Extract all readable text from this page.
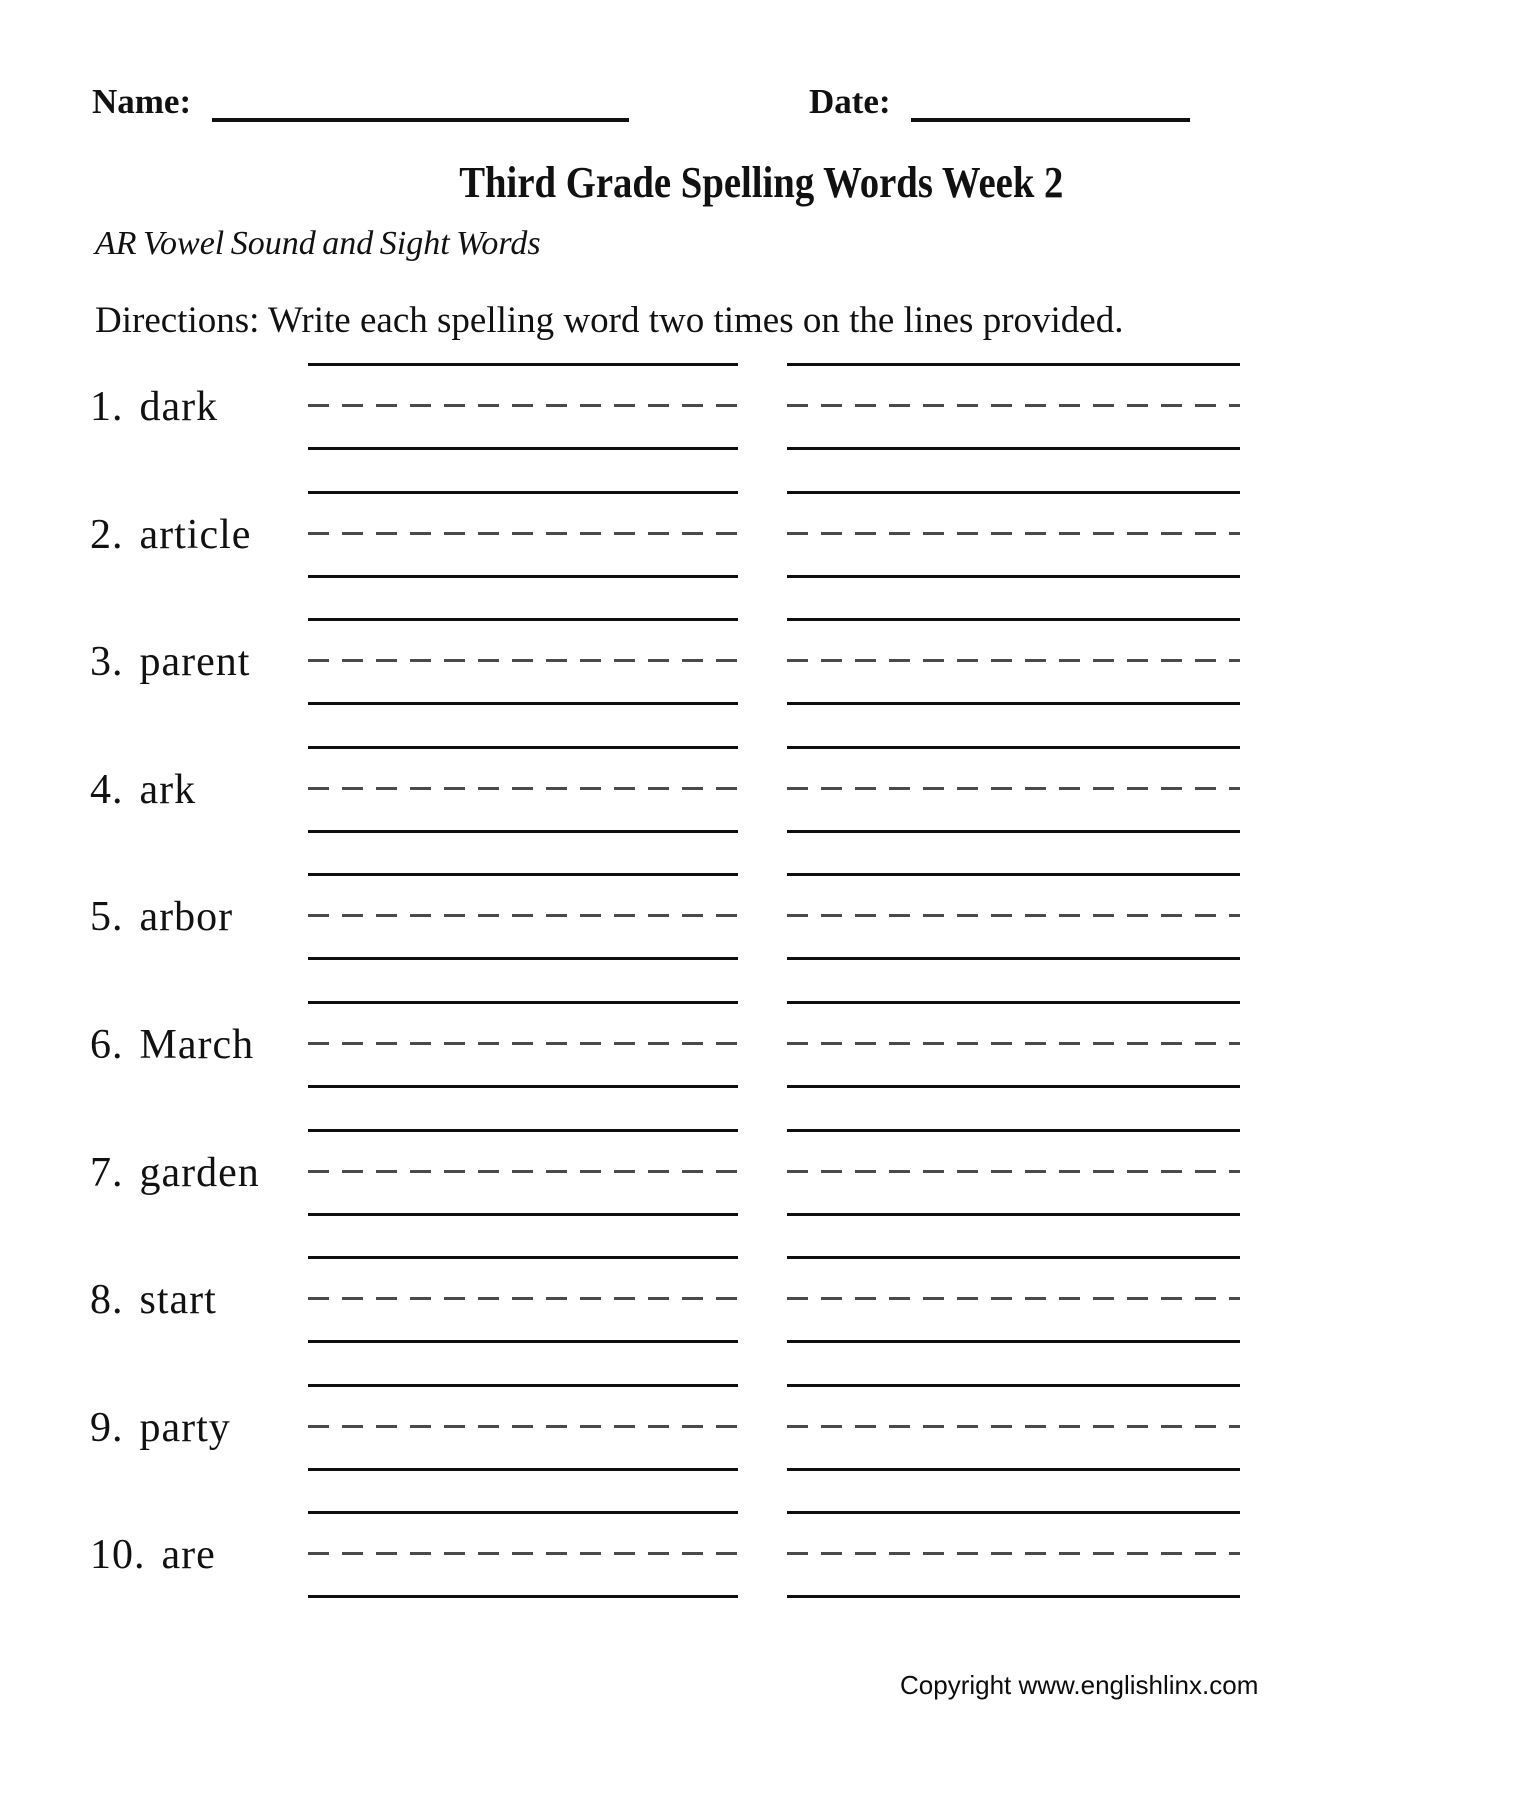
Name:	Date:
Third Grade Spelling Words Week 2
AR Vowel Sound and Sight Words
Directions: Write each spelling word two times on the lines provided.
1. dark
2. article
3. parent
4. ark
5. arbor
6. March
7. garden
8. start
9. party
10. are
Copyright www.englishlinx.com
